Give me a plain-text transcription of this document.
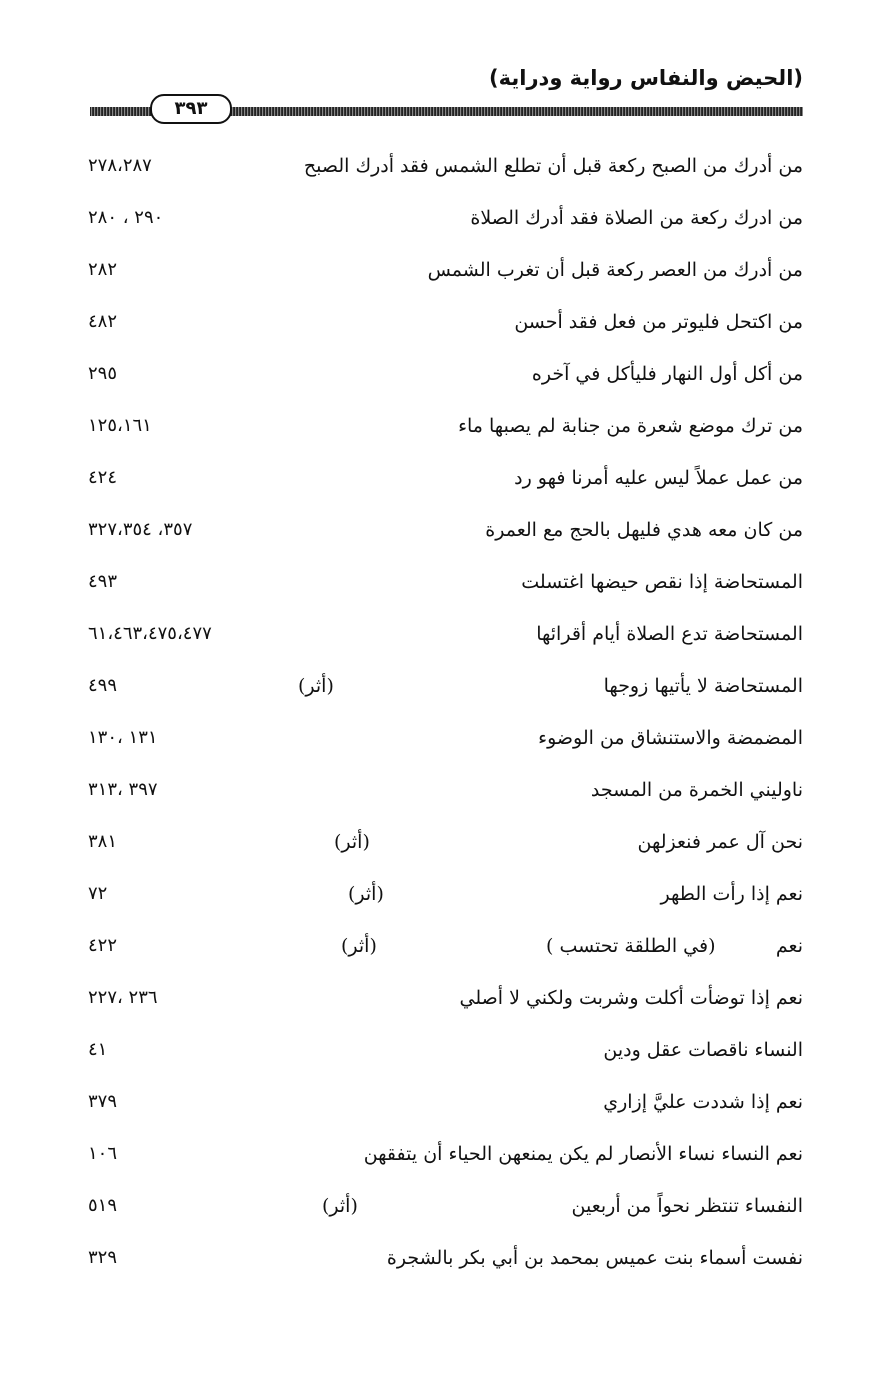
(الحيض والنفاس رواية ودراية)
٣٩٣
من أدرك من الصبح ركعة قبل أن تطلع الشمس فقد أدرك الصبح
٢٧٨،٢٨٧
من ادرك ركعة من الصلاة فقد أدرك الصلاة
٢٩٠ ، ٢٨٠
من أدرك من العصر ركعة قبل أن تغرب الشمس
٢٨٢
من اكتحل فليوتر من فعل فقد أحسن
٤٨٢
من أكل أول النهار فليأكل في آخره
٢٩٥
من ترك موضع شعرة من جنابة لم يصبها ماء
١٢٥،١٦١
من عمل عملاً ليس عليه أمرنا فهو رد
٤٢٤
من كان معه هدي فليهل بالحج مع العمرة
٣٥٧، ٣٢٧،٣٥٤
المستحاضة إذا نقص حيضها اغتسلت
٤٩٣
المستحاضة تدع الصلاة أيام أقرائها
٦١،٤٦٣،٤٧٥،٤٧٧
المستحاضة لا يأتيها زوجها
(أثر)
٤٩٩
المضمضة والاستنشاق من الوضوء
١٣١ ،١٣٠
ناوليني الخمرة من المسجد
٣٩٧ ،٣١٣
نحن آل عمر فنعزلهن
(أثر)
٣٨١
نعم إذا رأت الطهر
(أثر)
٧٢
نعم          (في الطلقة تحتسب )
(أثر)
٤٢٢
نعم إذا توضأت أكلت وشربت ولكني لا أصلي
٢٣٦ ،٢٢٧
النساء ناقصات عقل ودين
٤١
نعم إذا شددت عليَّ إزاري
٣٧٩
نعم النساء نساء الأنصار لم يكن يمنعهن الحياء أن يتفقهن
١٠٦
النفساء تنتظر نحواً من أربعين
(أثر)
٥١٩
نفست أسماء بنت عميس بمحمد بن أبي بكر بالشجرة
٣٢٩
